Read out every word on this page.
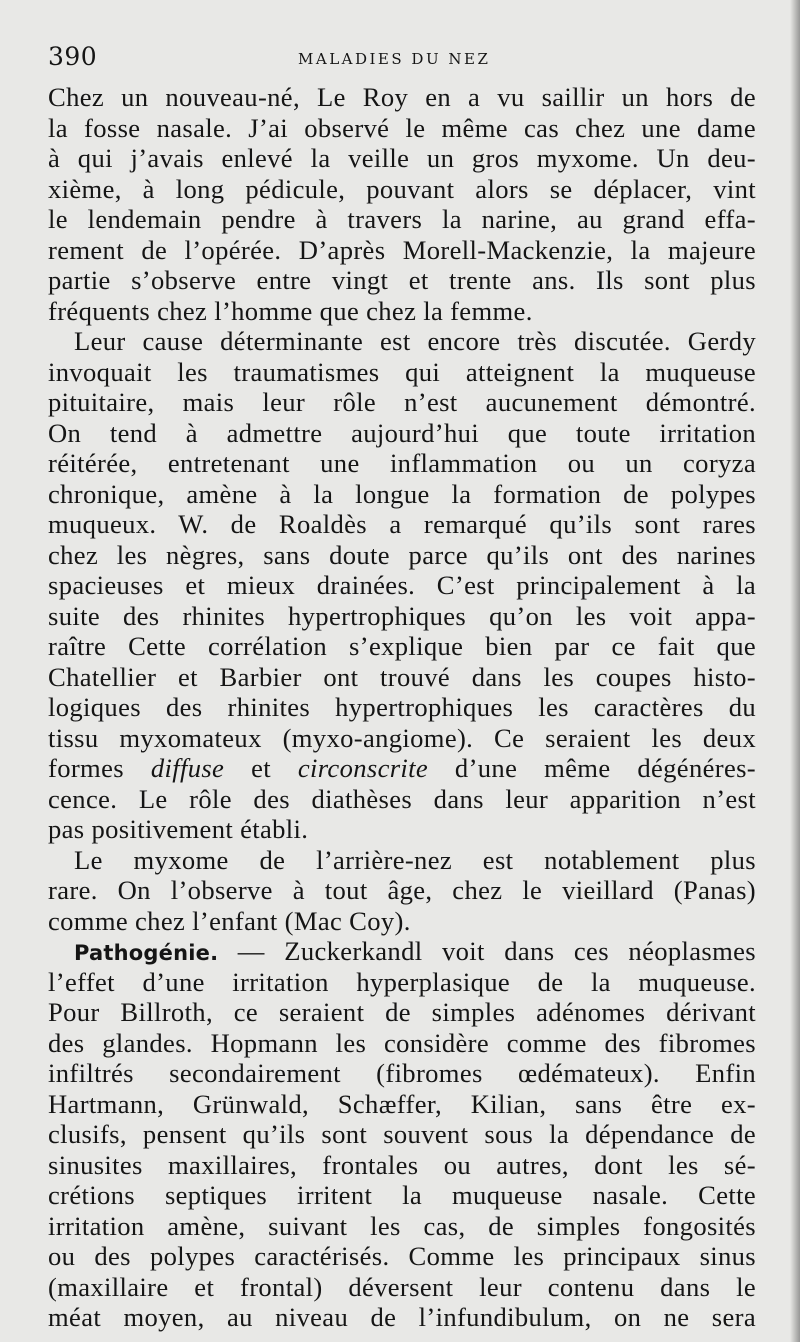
390	MALADIES DU NEZ
Chez un nouveau-né, Le Roy en a vu saillir un hors de
la fosse nasale. J’ai observé le même cas chez une dame
à qui j’avais enlevé la veille un gros myxome. Un deu-
xième, à long pédicule, pouvant alors se déplacer, vint
le lendemain pendre à travers la narine, au grand effa-
rement de l’opérée. D’après Morell-Mackenzie, la majeure
partie s’observe entre vingt et trente ans. Ils sont plus
fréquents chez l’homme que chez la femme.
Leur cause déterminante est encore très discutée. Gerdy
invoquait les traumatismes qui atteignent la muqueuse
pituitaire, mais leur rôle n’est aucunement démontré.
On tend à admettre aujourd’hui que toute irritation
réitérée, entretenant une inflammation ou un coryza
chronique, amène à la longue la formation de polypes
muqueux. W. de Roaldès a remarqué qu’ils sont rares
chez les nègres, sans doute parce qu’ils ont des narines
spacieuses et mieux drainées. C’est principalement à la
suite des rhinites hypertrophiques qu’on les voit appa-
raître Cette corrélation s’explique bien par ce fait que
Chatellier et Barbier ont trouvé dans les coupes histo-
logiques des rhinites hypertrophiques les caractères du
tissu myxomateux (myxo-angiome). Ce seraient les deux
formes diffuse et circonscrite d’une même dégénéres-
cence. Le rôle des diathèses dans leur apparition n’est
pas positivement établi.
Le myxome de l’arrière-nez est notablement plus
rare. On l’observe à tout âge, chez le vieillard (Panas)
comme chez l’enfant (Mac Coy).
Pathogénie. — Zuckerkandl voit dans ces néoplasmes
l’effet d’une irritation hyperplasique de la muqueuse.
Pour Billroth, ce seraient de simples adénomes dérivant
des glandes. Hopmann les considère comme des fibromes
infiltrés secondairement (fibromes œdémateux). Enfin
Hartmann, Grünwald, Schæffer, Kilian, sans être ex-
clusifs, pensent qu’ils sont souvent sous la dépendance de
sinusites maxillaires, frontales ou autres, dont les sé-
crétions septiques irritent la muqueuse nasale. Cette
irritation amène, suivant les cas, de simples fongosités
ou des polypes caractérisés. Comme les principaux sinus
(maxillaire et frontal) déversent leur contenu dans le
méat moyen, au niveau de l’infundibulum, on ne sera
